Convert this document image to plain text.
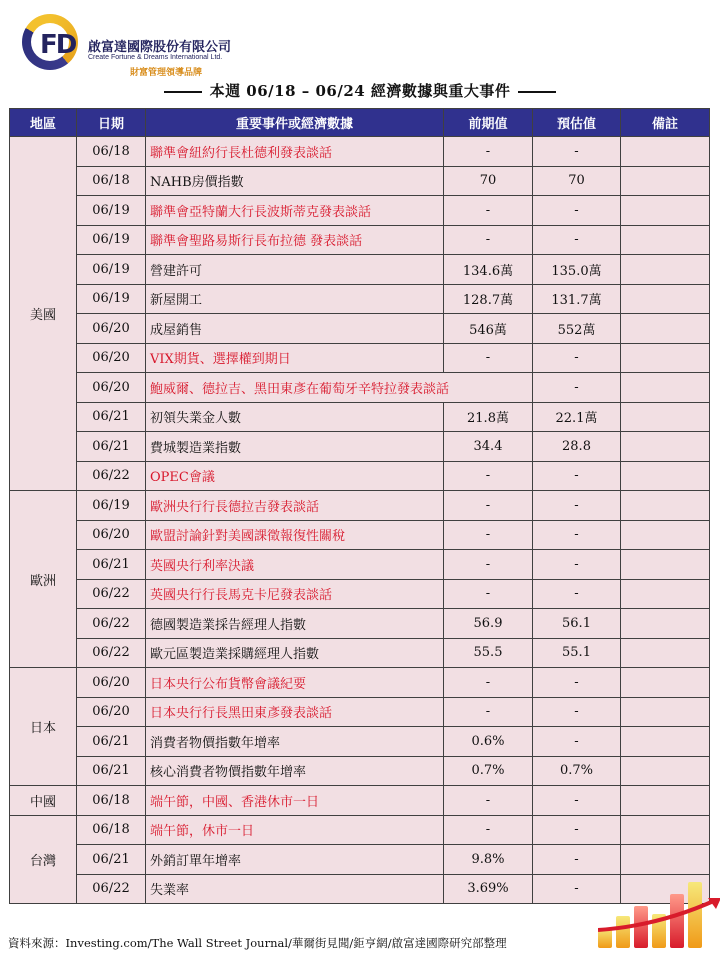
FD 啟富達國際股份有限公司
Create Fortune & Dreams International Ltd.
財富管理領導品牌
本週 06/18 – 06/24 經濟數據與重大事件
地區	日期	重要事件或經濟數據	前期值	預估值	備註
美國	06/18	聯準會紐約行長杜德利發表談話	-	-	
	06/18	NAHB房價指數	70	70	
	06/19	聯準會亞特蘭大行長波斯蒂克發表談話	-	-	
	06/19	聯準會聖路易斯行長布拉德 發表談話	-	-	
	06/19	營建許可	134.6萬	135.0萬	
	06/19	新屋開工	128.7萬	131.7萬	
	06/20	成屋銷售	546萬	552萬	
	06/20	VIX期貨、選擇權到期日	-	-	
	06/20	鮑威爾、德拉吉、黑田東彥在葡萄牙辛特拉發表談話		-	
	06/21	初領失業金人數	21.8萬	22.1萬	
	06/21	費城製造業指數	34.4	28.8	
	06/22	OPEC會議	-	-	
歐洲	06/19	歐洲央行行長德拉吉發表談話	-	-	
	06/20	歐盟討論針對美國課徵報復性關稅	-	-	
	06/21	英國央行利率決議	-	-	
	06/22	英國央行行長馬克卡尼發表談話	-	-	
	06/22	德國製造業採告經理人指數	56.9	56.1	
	06/22	歐元區製造業採購經理人指數	55.5	55.1	
日本	06/20	日本央行公布貨幣會議紀要	-	-	
	06/20	日本央行行長黑田東彥發表談話	-	-	
	06/21	消費者物價指數年增率	0.6%	-	
	06/21	核心消費者物價指數年增率	0.7%	0.7%	
中國	06/18	端午節，中國、香港休市一日	-	-	
台灣	06/18	端午節，休市一日	-	-	
	06/21	外銷訂單年增率	9.8%	-	
	06/22	失業率	3.69%	-	
資料來源：Investing.com/The Wall Street Journal/華爾街見聞/鉅亨網/啟富達國際研究部整理
